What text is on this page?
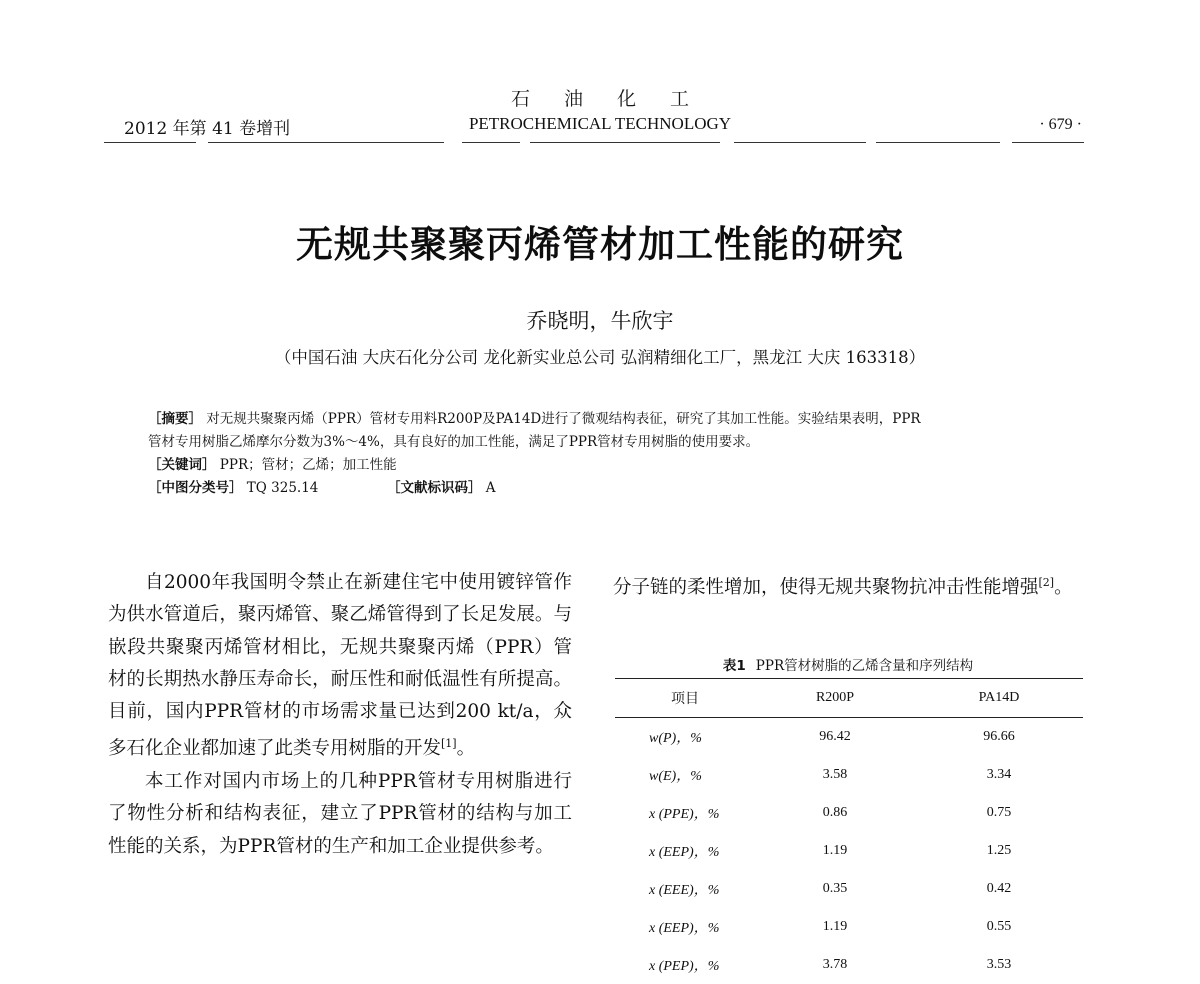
石油化工
2012 年第 41 卷增刊	PETROCHEMICAL TECHNOLOGY	· 679 ·
无规共聚聚丙烯管材加工性能的研究
乔晓明，牛欣宇
（中国石油 大庆石化分公司 龙化新实业总公司 弘润精细化工厂，黑龙江 大庆 163318）
［摘要］ 对无规共聚聚丙烯（PPR）管材专用料R200P及PA14D进行了微观结构表征，研究了其加工性能。实验结果表明，PPR
管材专用树脂乙烯摩尔分数为3%～4%，具有良好的加工性能，满足了PPR管材专用树脂的使用要求。
［关键词］ PPR；管材；乙烯；加工性能
［中图分类号］ TQ 325.14	［文献标识码］ A

自2000年我国明令禁止在新建住宅中使用镀锌管作为供水管道后，聚丙烯管、聚乙烯管得到了长足发展。与嵌段共聚聚丙烯管材相比，无规共聚聚丙烯（PPR）管材的长期热水静压寿命长，耐压性和耐低温性有所提高。目前，国内PPR管材的市场需求量已达到200 kt/a，众多石化企业都加速了此类专用树脂的开发[1]。

本工作对国内市场上的几种PPR管材专用树脂进行了物性分析和结构表征，建立了PPR管材的结构与加工性能的关系，为PPR管材的生产和加工企业提供参考。

分子链的柔性增加，使得无规共聚物抗冲击性能增强[2]。

表1 PPR管材树脂的乙烯含量和序列结构
项目	R200P	PA14D
w(P)，%	96.42	96.66
w(E)，%	3.58	3.34
x (PPE)，%	0.86	0.75
x (EEP)，%	1.19	1.25
x (EEE)，%	0.35	0.42
x (EEP)，%	1.19	0.55
x (PEP)，%	3.78	3.53
